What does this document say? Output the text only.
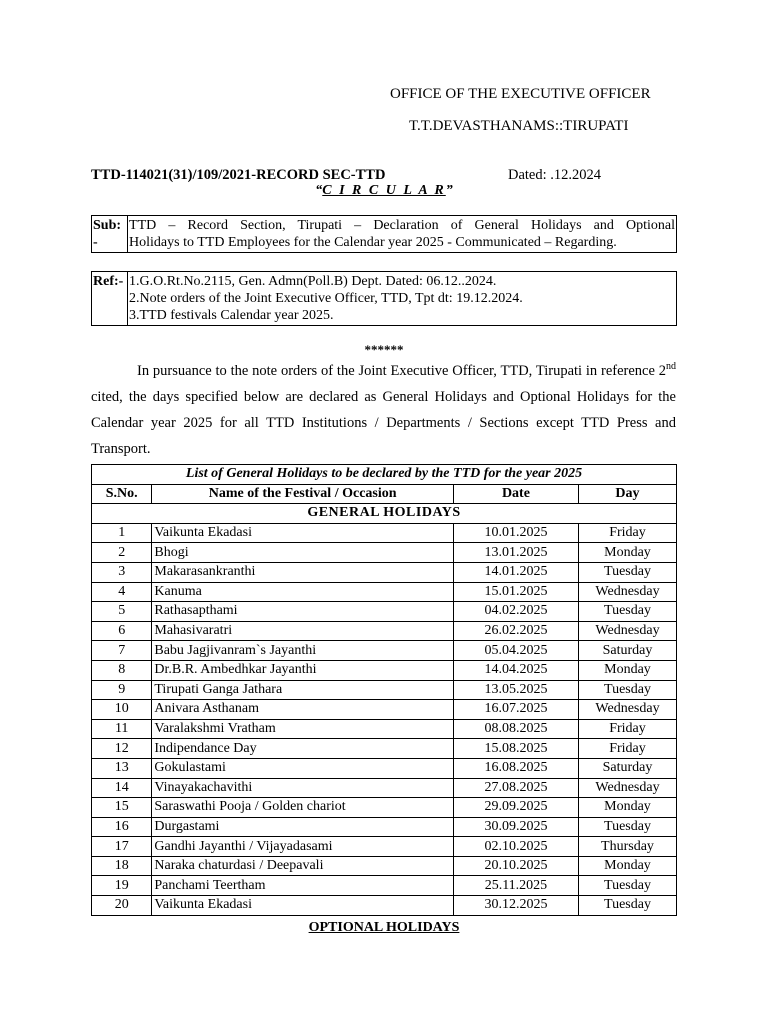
OFFICE OF THE EXECUTIVE OFFICER
T.T.DEVASTHANAMS::TIRUPATI
TTD-114021(31)/109/2021-RECORD SEC-TTD	Dated: .12.2024
“C I R C U L A R”
Sub:
-	TTD – Record Section, Tirupati – Declaration of General Holidays and Optional

Holidays to TTD Employees for the Calendar year 2025 - Communicated – Regarding.
Ref:-	1.G.O.Rt.No.2115, Gen. Admn(Poll.B) Dept. Dated: 06.12..2024.
2.Note orders of the Joint Executive Officer, TTD, Tpt dt: 19.12.2024.
3.TTD festivals Calendar year 2025.
******
In pursuance to the note orders of the Joint Executive Officer, TTD, Tirupati in reference 2nd cited, the days specified below are declared as General Holidays and Optional Holidays for the Calendar year 2025 for all TTD Institutions / Departments / Sections except TTD Press and Transport.
List of General Holidays to be declared by the TTD for the year 2025			
S.No.	Name of the Festival / Occasion	Date	Day
GENERAL HOLIDAYS			
1	Vaikunta Ekadasi	10.01.2025	Friday
2	Bhogi	13.01.2025	Monday
3	Makarasankranthi	14.01.2025	Tuesday
4	Kanuma	15.01.2025	Wednesday
5	Rathasapthami	04.02.2025	Tuesday
6	Mahasivaratri	26.02.2025	Wednesday
7	Babu Jagjivanram`s Jayanthi	05.04.2025	Saturday
8	Dr.B.R. Ambedhkar Jayanthi	14.04.2025	Monday
9	Tirupati Ganga Jathara	13.05.2025	Tuesday
10	Anivara Asthanam	16.07.2025	Wednesday
11	Varalakshmi Vratham	08.08.2025	Friday
12	Indipendance Day	15.08.2025	Friday
13	Gokulastami	16.08.2025	Saturday
14	Vinayakachavithi	27.08.2025	Wednesday
15	Saraswathi Pooja / Golden chariot	29.09.2025	Monday
16	Durgastami	30.09.2025	Tuesday
17	Gandhi Jayanthi / Vijayadasami	02.10.2025	Thursday
18	Naraka chaturdasi / Deepavali	20.10.2025	Monday
19	Panchami Teertham	25.11.2025	Tuesday
20	Vaikunta Ekadasi	30.12.2025	Tuesday
OPTIONAL HOLIDAYS
